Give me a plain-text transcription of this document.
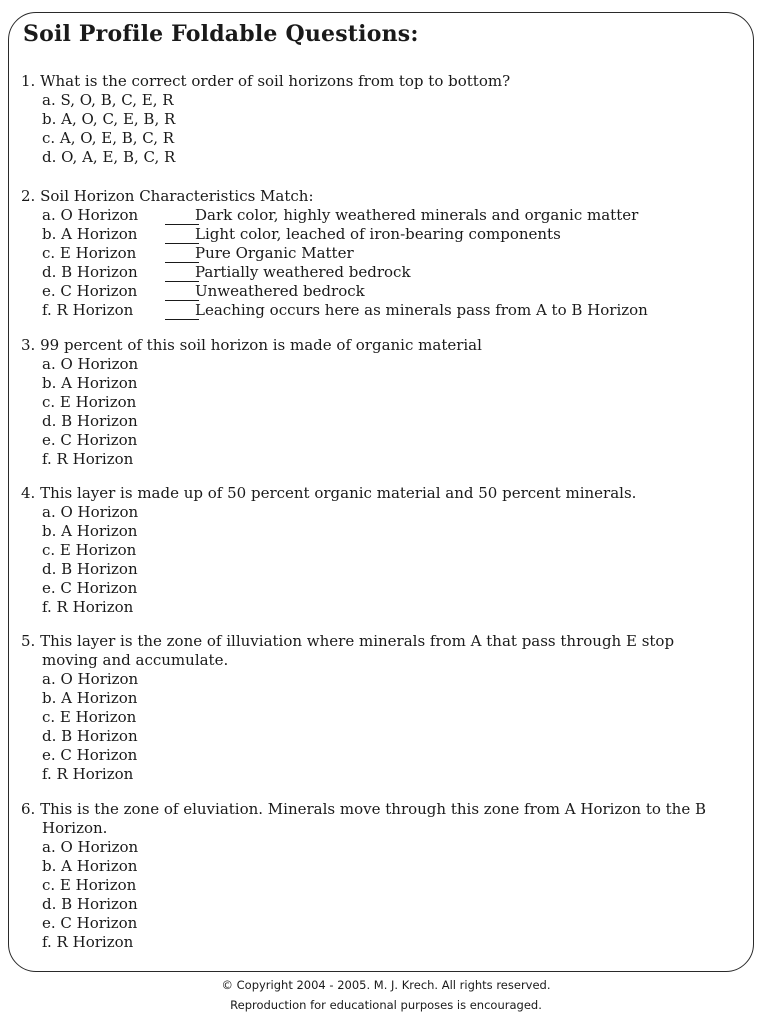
Soil Profile Foldable Questions:
1. What is the correct order of soil horizons from top to bottom?
a. S, O, B, C, E, R
b. A, O, C, E, B, R
c. A, O, E, B, C, R
d. O, A, E, B, C, R
2. Soil Horizon Characteristics Match:
a. O Horizon	Dark color, highly weathered minerals and organic matter
b. A Horizon	Light color, leached of iron-bearing components
c. E Horizon	Pure Organic Matter
d. B Horizon	Partially weathered bedrock
e. C Horizon	Unweathered bedrock
f. R Horizon	Leaching occurs here as minerals pass from A to B Horizon
3. 99 percent of this soil horizon is made of organic material
a. O Horizon
b. A Horizon
c. E Horizon
d. B Horizon
e. C Horizon
f. R Horizon
4. This layer is made up of 50 percent organic material and 50 percent minerals.
a. O Horizon
b. A Horizon
c. E Horizon
d. B Horizon
e. C Horizon
f. R Horizon
5. This layer is the zone of illuviation where minerals from A that pass through E stop
moving and accumulate.
a. O Horizon
b. A Horizon
c. E Horizon
d. B Horizon
e. C Horizon
f. R Horizon
6. This is the zone of eluviation. Minerals move through this zone from A Horizon to the B
Horizon.
a. O Horizon
b. A Horizon
c. E Horizon
d. B Horizon
e. C Horizon
f. R Horizon
© Copyright 2004 - 2005. M. J. Krech. All rights reserved.
Reproduction for educational purposes is encouraged.
